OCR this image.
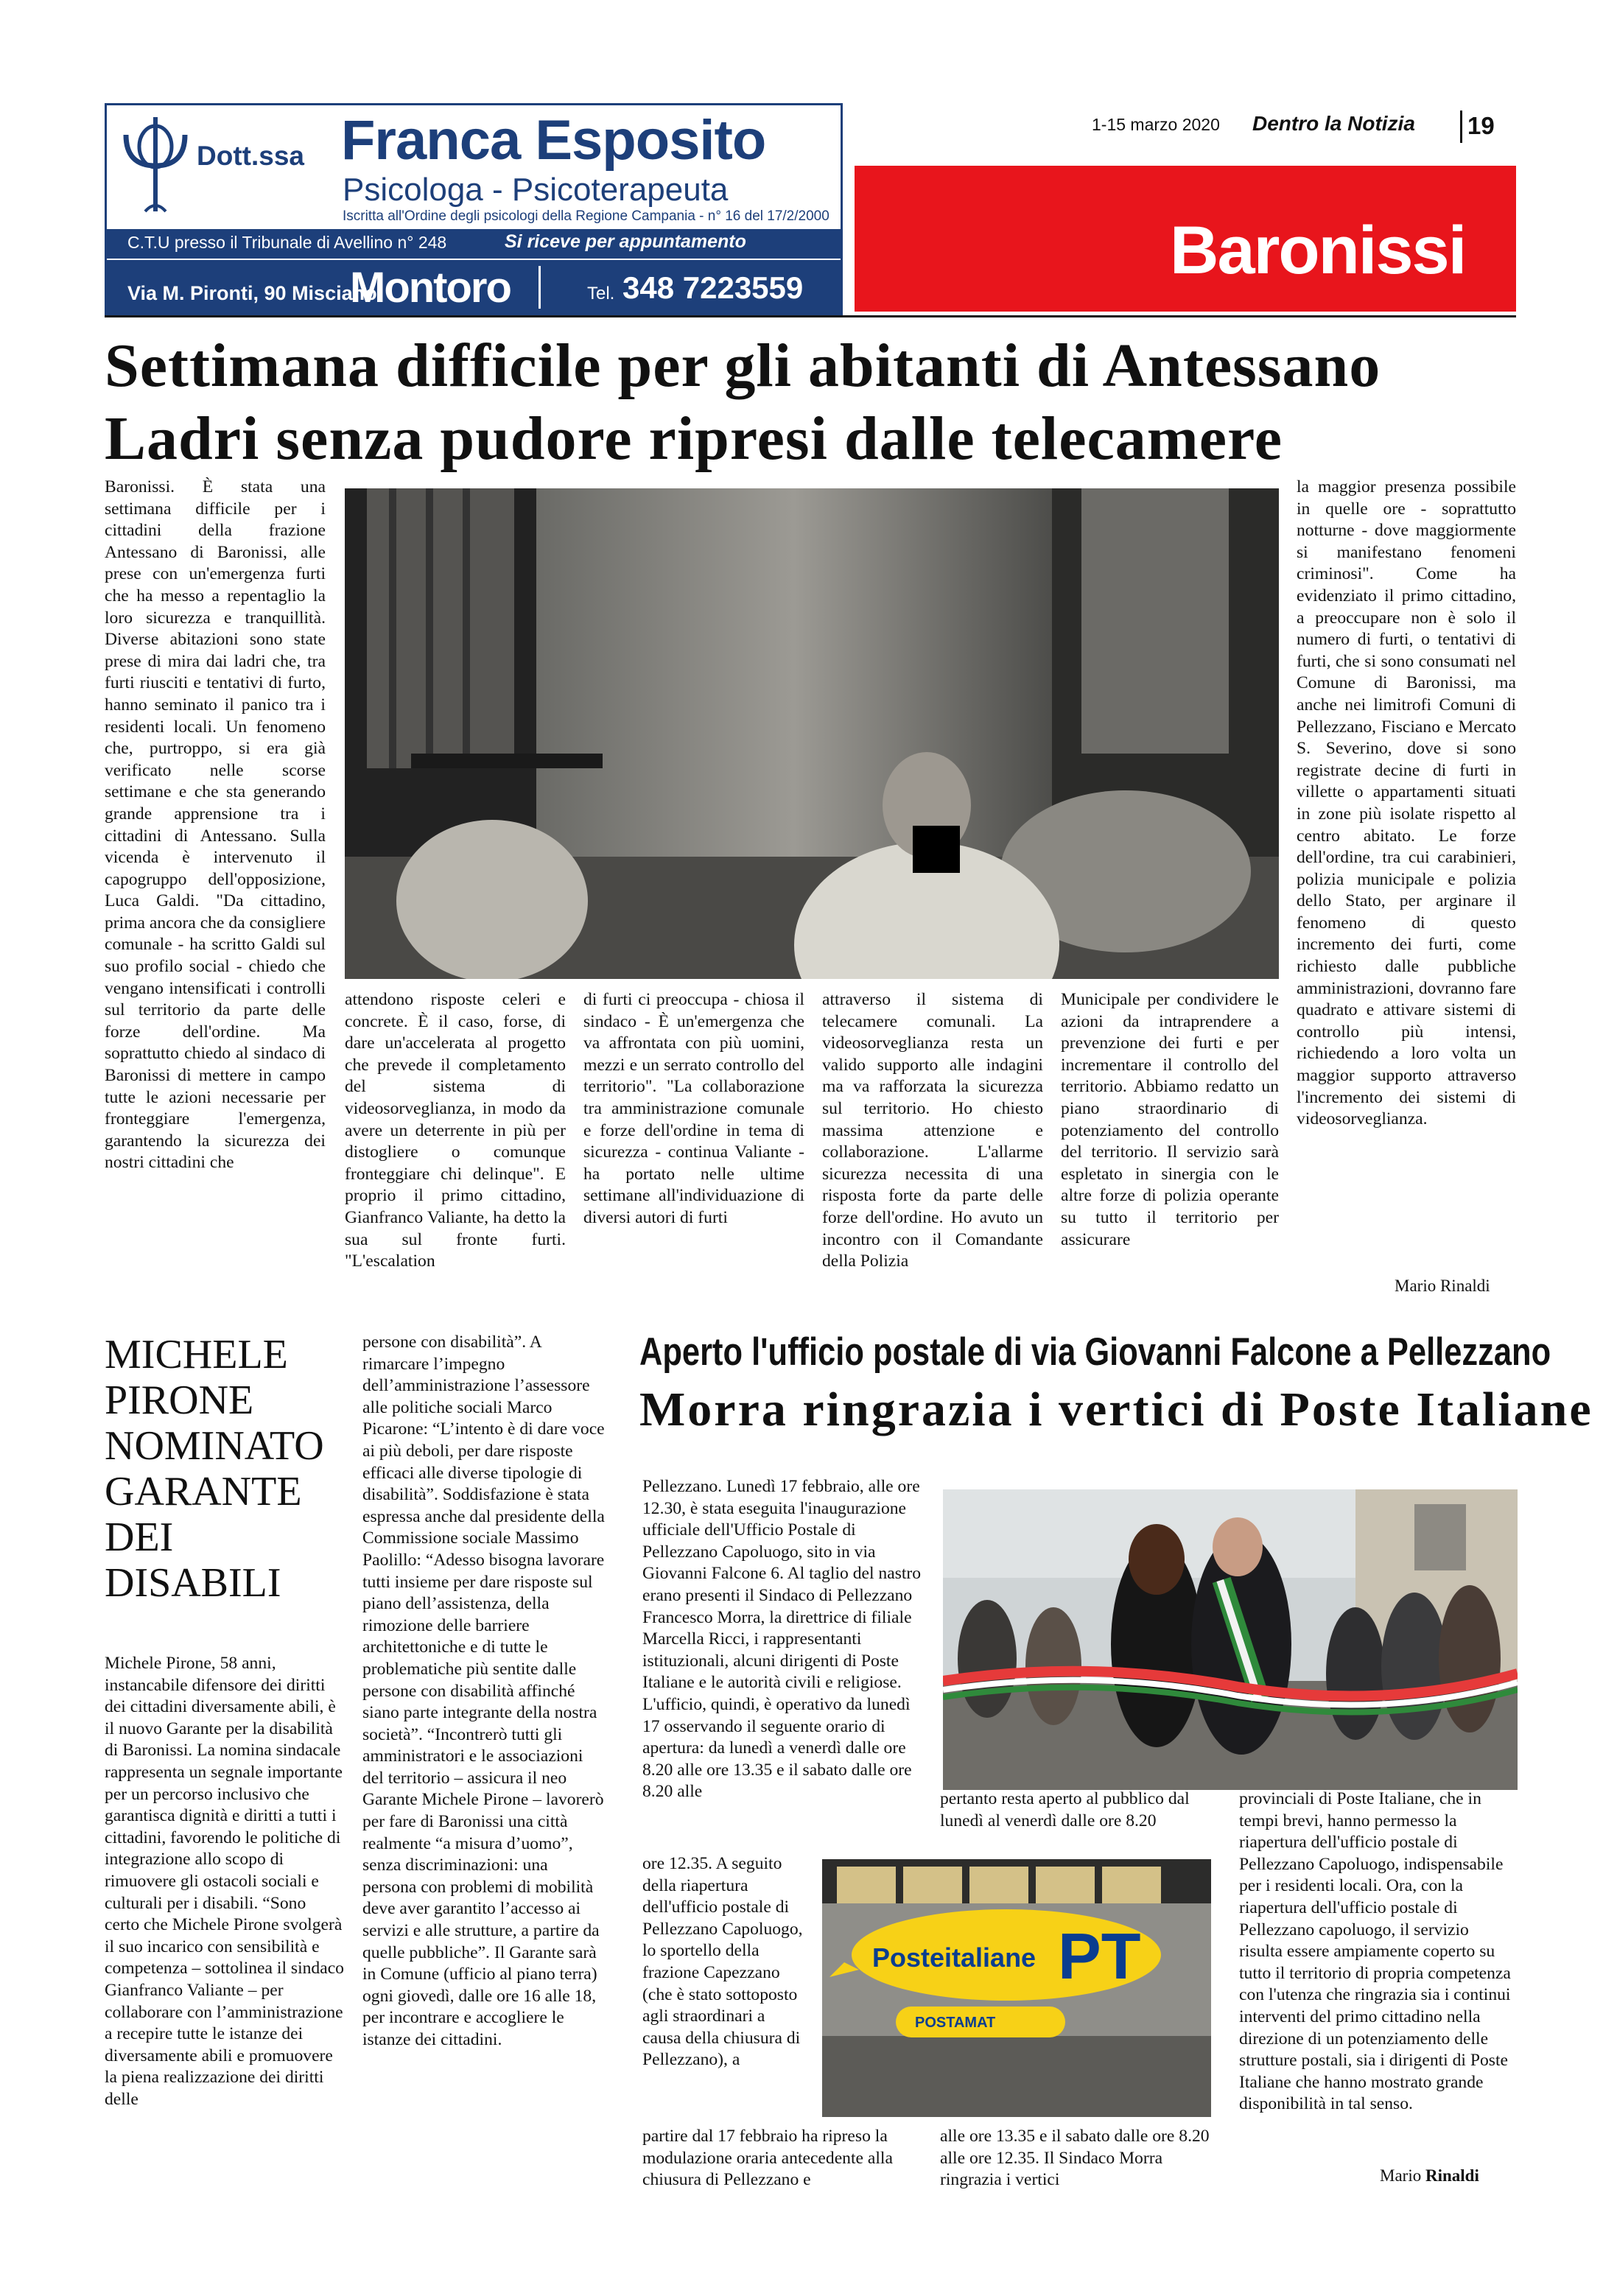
Dott.ssa Franca Esposito
Psicologa - Psicoterapeuta
Iscritta all'Ordine degli psicologi della Regione Campania - n° 16 del 17/2/2000
C.T.U presso il Tribunale di Avellino n° 248	Si riceve per appuntamento
Via M. Pironti, 90 Misciano
Montoro	Tel. 348 7223559
1-15 marzo 2020 Dentro la Notizia 19
Baronissi
Settimana difficile per gli abitanti di Antessano
Ladri senza pudore ripresi dalle telecamere

Baronissi. È stata una settimana difficile per i cittadini della frazione Antessano di Baronissi, alle prese con un'emergenza furti che ha messo a repentaglio la loro sicurezza e tranquillità. Diverse abitazioni sono state prese di mira dai ladri che, tra furti riusciti e tentativi di furto, hanno seminato il panico tra i residenti locali. Un fenomeno che, purtroppo, si era già verificato nelle scorse settimane e che sta generando grande apprensione tra i cittadini di Antessano. Sulla vicenda è intervenuto il capogruppo dell'opposizione, Luca Galdi. "Da cittadino, prima ancora che da consigliere comunale - ha scritto Galdi sul suo profilo social - chiedo che vengano intensificati i controlli sul territorio da parte delle forze dell'ordine. Ma soprattutto chiedo al sindaco di Baronissi di mettere in campo tutte le azioni necessarie per fronteggiare l'emergenza, garantendo la sicurezza dei nostri cittadini che

attendono risposte celeri e concrete. È il caso, forse, di dare un'accelerata al progetto che prevede il completamento del sistema di videosorveglianza, in modo da avere un deterrente in più per distogliere o comunque fronteggiare chi delinque". E proprio il primo cittadino, Gianfranco Valiante, ha detto la sua sul fronte furti. "L'escalation

di furti ci preoccupa - chiosa il sindaco - È un'emergenza che va affrontata con più uomini, mezzi e un serrato controllo del territorio". "La collaborazione tra amministrazione comunale e forze dell'ordine in tema di sicurezza - continua Valiante - ha portato nelle ultime settimane all'individuazione di diversi autori di furti

attraverso il sistema di telecamere comunali. La videosorveglianza resta un valido supporto alle indagini ma va rafforzata la sicurezza sul territorio. Ho chiesto massima attenzione e collaborazione. L'allarme sicurezza necessita di una risposta forte da parte delle forze dell'ordine. Ho avuto un incontro con il Comandante della Polizia

Municipale per condividere le azioni da intraprendere a prevenzione dei furti e per incrementare il controllo del territorio. Abbiamo redatto un piano straordinario di potenziamento del controllo del territorio. Il servizio sarà espletato in sinergia con le altre forze di polizia operante su tutto il territorio per assicurare

la maggior presenza possibile in quelle ore - soprattutto notturne - dove maggiormente si manifestano fenomeni criminosi". Come ha evidenziato il primo cittadino, a preoccupare non è solo il numero di furti, o tentativi di furti, che si sono consumati nel Comune di Baronissi, ma anche nei limitrofi Comuni di Pellezzano, Fisciano e Mercato S. Severino, dove si sono registrate decine di furti in villette o appartamenti situati in zone più isolate rispetto al centro abitato. Le forze dell'ordine, tra cui carabinieri, polizia municipale e polizia dello Stato, per arginare il fenomeno di questo incremento dei furti, come richiesto dalle pubbliche amministrazioni, dovranno fare quadrato e attivare sistemi di controllo più intensi, richiedendo a loro volta un maggior supporto attraverso l'incremento dei sistemi di videosorveglianza.

Mario Rinaldi
MICHELE PIRONE NOMINATO GARANTE DEI DISABILI

Michele Pirone, 58 anni, instancabile difensore dei diritti dei cittadini diversamente abili, è il nuovo Garante per la disabilità di Baronissi. La nomina sindacale rappresenta un segnale importante per un percorso inclusivo che garantisca dignità e diritti a tutti i cittadini, favorendo le politiche di integrazione allo scopo di rimuovere gli ostacoli sociali e culturali per i disabili. “Sono certo che Michele Pirone svolgerà il suo incarico con sensibilità e competenza – sottolinea il sindaco Gianfranco Valiante – per collaborare con l’amministrazione a recepire tutte le istanze dei diversamente abili e promuovere la piena realizzazione dei diritti delle

persone con disabilità”. A rimarcare l’impegno dell’amministrazione l’assessore alle politiche sociali Marco Picarone: “L’intento è di dare voce ai più deboli, per dare risposte efficaci alle diverse tipologie di disabilità”. Soddisfazione è stata espressa anche dal presidente della Commissione sociale Massimo Paolillo: “Adesso bisogna lavorare tutti insieme per dare risposte sul piano dell’assistenza, della rimozione delle barriere architettoniche e di tutte le problematiche più sentite dalle persone con disabilità affinché siano parte integrante della nostra società”. “Incontrerò tutti gli amministratori e le associazioni del territorio – assicura il neo Garante Michele Pirone – lavorerò per fare di Baronissi una città realmente “a misura d’uomo”, senza discriminazioni: una persona con problemi di mobilità deve aver garantito l’accesso ai servizi e alle strutture, a partire da quelle pubbliche”. Il Garante sarà in Comune (ufficio al piano terra) ogni giovedì, dalle ore 16 alle 18, per incontrare e accogliere le istanze dei cittadini.

Aperto l'ufficio postale di via Giovanni Falcone a Pellezzano
Morra ringrazia i vertici di Poste Italiane

Pellezzano. Lunedì 17 febbraio, alle ore 12.30, è stata eseguita l'inaugurazione ufficiale dell'Ufficio Postale di Pellezzano Capoluogo, sito in via Giovanni Falcone 6. Al taglio del nastro erano presenti il Sindaco di Pellezzano Francesco Morra, la direttrice di filiale Marcella Ricci, i rappresentanti istituzionali, alcuni dirigenti di Poste Italiane e le autorità civili e religiose. L'ufficio, quindi, è operativo da lunedì 17 osservando il seguente orario di apertura: da lunedì a venerdì dalle ore 8.20 alle ore 13.35 e il sabato dalle ore 8.20 alle

ore 12.35. A seguito della riapertura dell'ufficio postale di Pellezzano Capoluogo, lo sportello della frazione Capezzano (che è stato sottoposto agli straordinari a causa della chiusura di Pellezzano), a

partire dal 17 febbraio ha ripreso la modulazione oraria antecedente alla chiusura di Pellezzano e

pertanto resta aperto al pubblico dal lunedì al venerdì dalle ore 8.20

Posteitaliane PT
POSTAMAT

alle ore 13.35 e il sabato dalle ore 8.20 alle ore 12.35. Il Sindaco Morra ringrazia i vertici

provinciali di Poste Italiane, che in tempi brevi, hanno permesso la riapertura dell'ufficio postale di Pellezzano Capoluogo, indispensabile per i residenti locali. Ora, con la riapertura dell'ufficio postale di Pellezzano capoluogo, il servizio risulta essere ampiamente coperto su tutto il territorio di propria competenza con l'utenza che ringrazia sia i continui interventi del primo cittadino nella direzione di un potenziamento delle strutture postali, sia i dirigenti di Poste Italiane che hanno mostrato grande disponibilità in tal senso.

Mario Rinaldi
